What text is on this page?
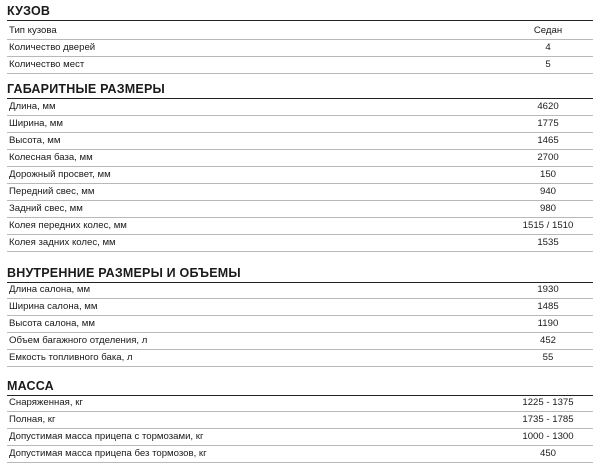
КУЗОВ
Тип кузова	Седан
Количество дверей	4
Количество мест	5
ГАБАРИТНЫЕ РАЗМЕРЫ
Длина, мм	4620
Ширина, мм	1775
Высота, мм	1465
Колесная база, мм	2700
Дорожный просвет, мм	150
Передний свес, мм	940
Задний свес, мм	980
Колея передних колес, мм	1515 / 1510
Колея задних колес, мм	1535
ВНУТРЕННИЕ РАЗМЕРЫ И ОБЪЕМЫ
Длина салона, мм	1930
Ширина салона, мм	1485
Высота салона, мм	1190
Объем багажного отделения, л	452
Емкость топливного бака, л	55
МАССА
Снаряженная, кг	1225 - 1375
Полная, кг	1735 - 1785
Допустимая масса прицепа с тормозами, кг	1000 - 1300
Допустимая масса прицепа без тормозов, кг	450
